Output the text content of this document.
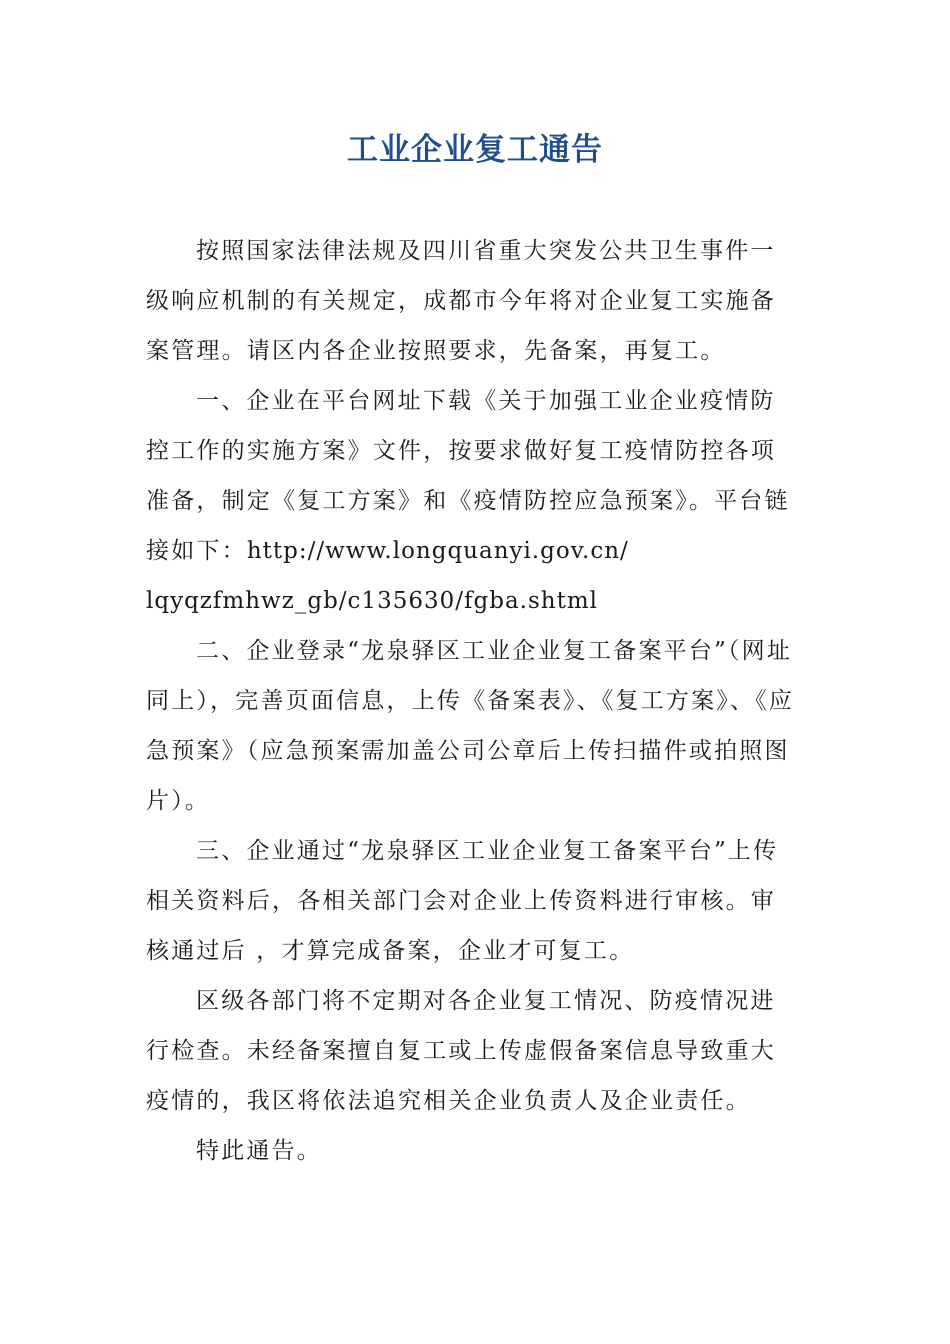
工业企业复工通告

按照国家法律法规及四川省重大突发公共卫生事件一级响应机制的有关规定，成都市今年将对企业复工实施备案管理。请区内各企业按照要求，先备案，再复工。

一、企业在平台网址下载《关于加强工业企业疫情防控工作的实施方案》文件，按要求做好复工疫情防控各项准备，制定《复工方案》和《疫情防控应急预案》。平台链接如下：http://www.longquanyi.gov.cn/
lqyqzfmhwz_gb/c135630/fgba.shtml

二、企业登录“龙泉驿区工业企业复工备案平台”（网址同上），完善页面信息，上传《备案表》、《复工方案》、《应急预案》（应急预案需加盖公司公章后上传扫描件或拍照图片）。

三、企业通过“龙泉驿区工业企业复工备案平台”上传相关资料后，各相关部门会对企业上传资料进行审核。审核通过后 ，才算完成备案，企业才可复工。

区级各部门将不定期对各企业复工情况、防疫情况进行检查。未经备案擅自复工或上传虚假备案信息导致重大疫情的，我区将依法追究相关企业负责人及企业责任。

特此通告。
